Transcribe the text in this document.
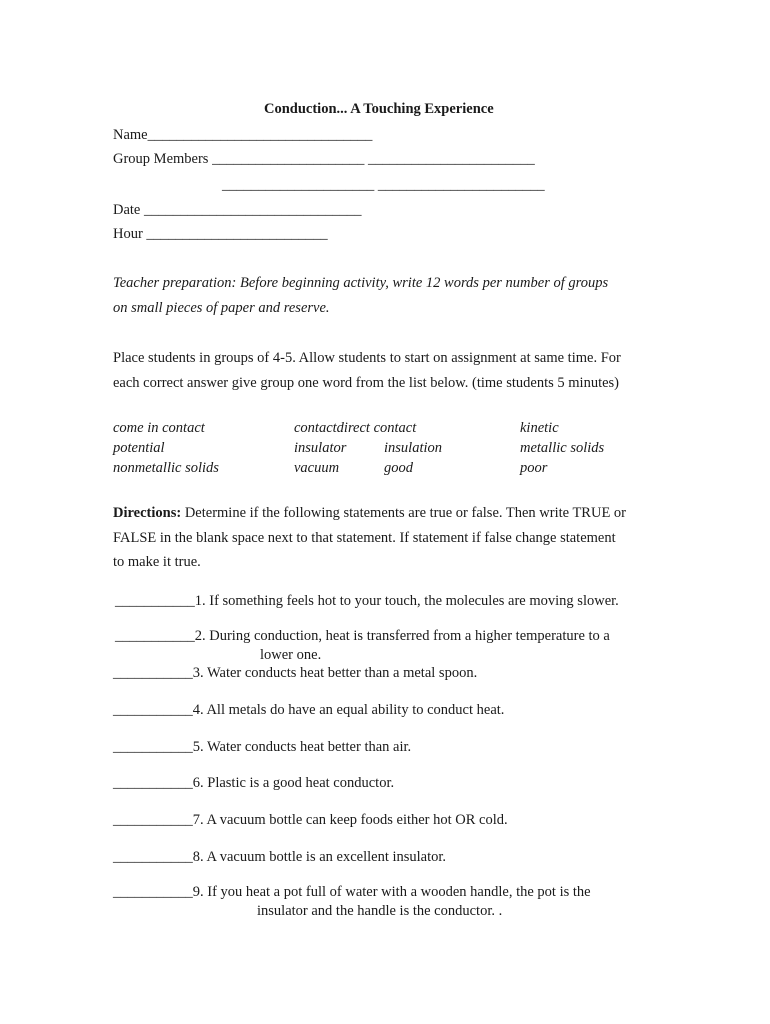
Conduction... A Touching Experience
Name_______________________________
Group Members _____________________ _______________________
_____________________ _______________________
Date ______________________________
Hour _________________________
Teacher preparation: Before beginning activity, write 12 words per number of groups
on small pieces of paper and reserve.
Place students in groups of 4-5. Allow students to start on assignment at same time. For
each correct answer give group one word from the list below. (time students 5 minutes)
come in contact	contactdirect contact	kinetic
potential	insulator	insulation	metallic solids
nonmetallic solids	vacuum	good	poor
Directions: Determine if the following statements are true or false. Then write TRUE or
FALSE in the blank space next to that statement. If statement if false change statement
to make it true.
___________1. If something feels hot to your touch, the molecules are moving slower.
___________2. During conduction, heat is transferred from a higher temperature to a
lower one.
___________3. Water conducts heat better than a metal spoon.
___________4. All metals do have an equal ability to conduct heat.
___________5. Water conducts heat better than air.
___________6. Plastic is a good heat conductor.
___________7. A vacuum bottle can keep foods either hot OR cold.
___________8. A vacuum bottle is an excellent insulator.
___________9. If you heat a pot full of water with a wooden handle, the pot is the
insulator and the handle is the conductor. .
